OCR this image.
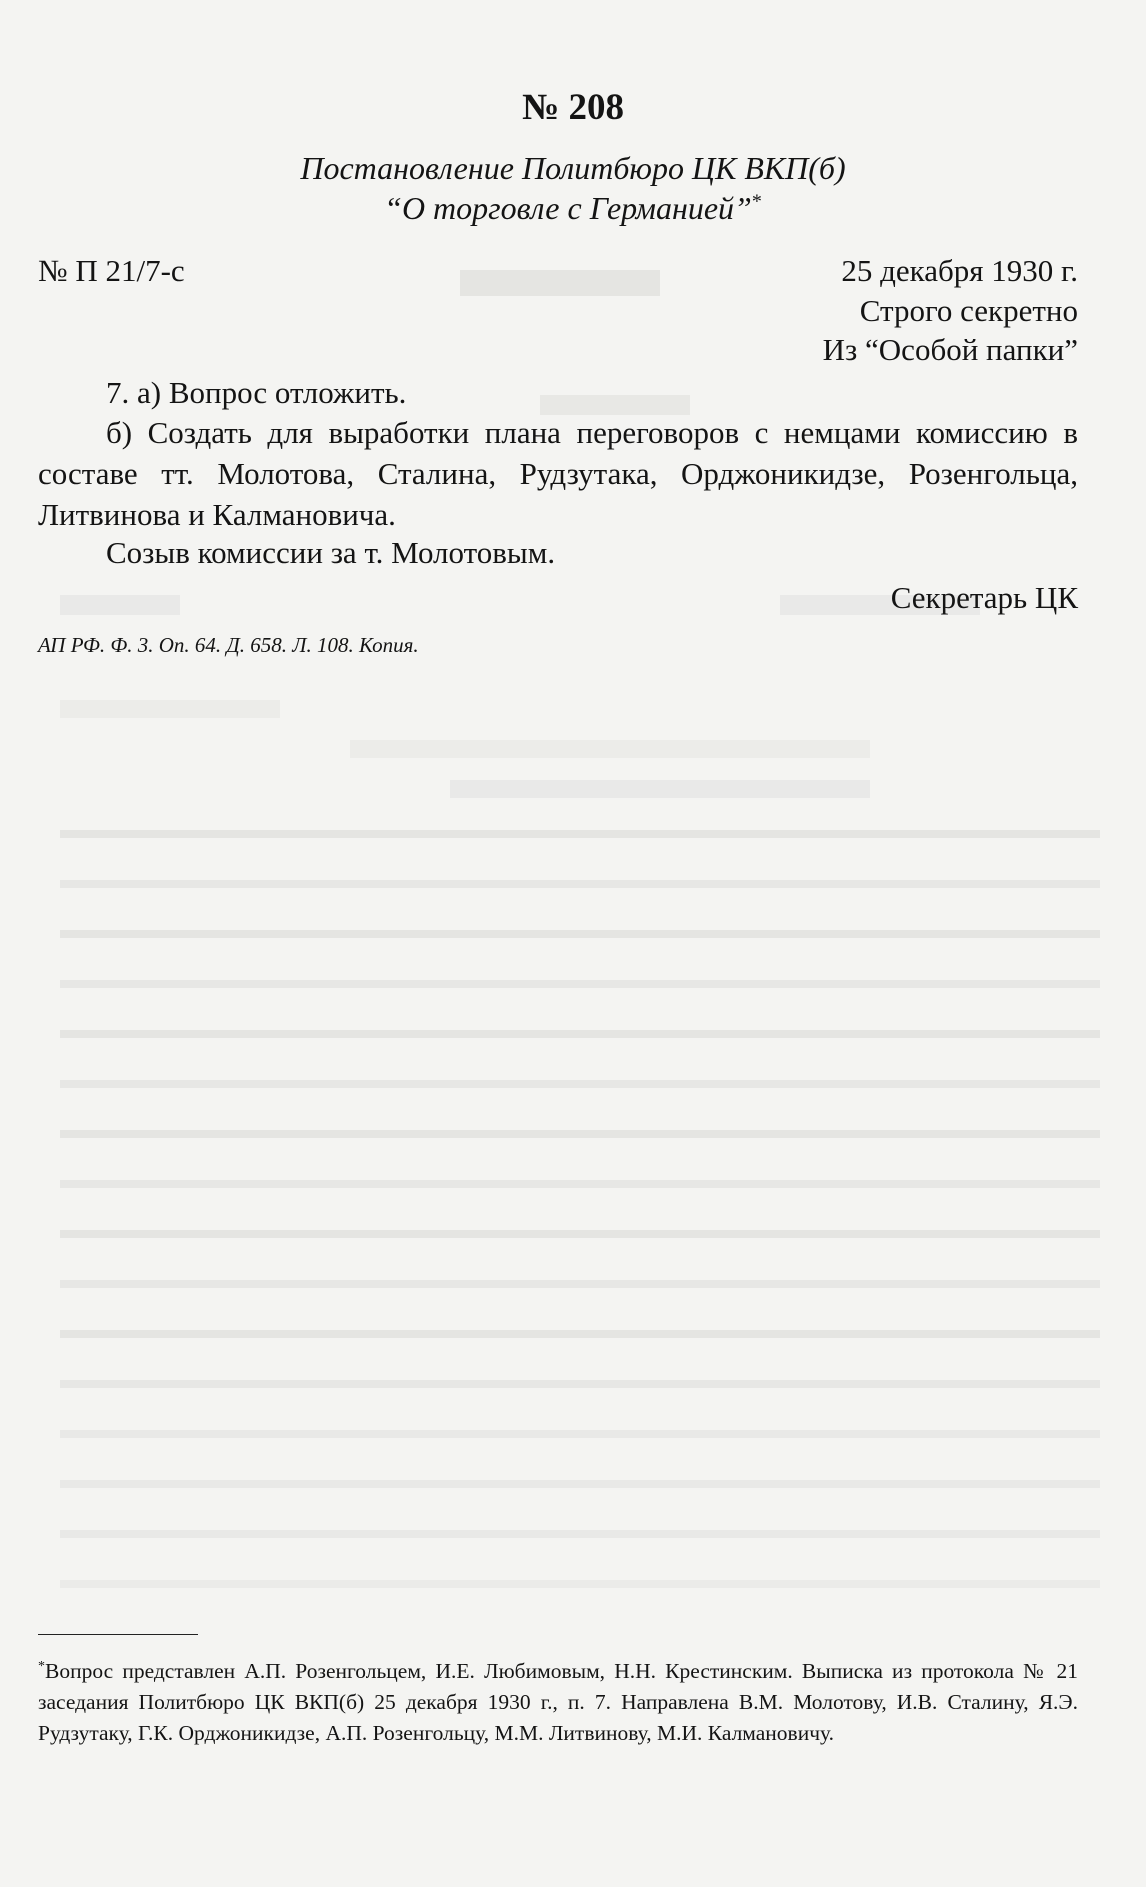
№ 208
Постановление Политбюро ЦК ВКП(б)
“О торговле с Германией”*
№ П 21/7-с	25 декабря 1930 г.
Строго секретно
Из “Особой папки”
7. а) Вопрос отложить.
б) Создать для выработки плана переговоров с немцами комиссию в составе тт. Молотова, Сталина, Рудзутака, Орджоникидзе, Розенгольца, Литвинова и Калмановича.
Созыв комиссии за т. Молотовым.
Секретарь ЦК
АП РФ. Ф. 3. Оп. 64. Д. 658. Л. 108. Копия.
*Вопрос представлен А.П. Розенгольцем, И.Е. Любимовым, Н.Н. Крестинским. Выписка из протокола № 21 заседания Политбюро ЦК ВКП(б) 25 декабря 1930 г., п. 7. Направлена В.М. Молотову, И.В. Сталину, Я.Э. Рудзутаку, Г.К. Орджоникидзе, А.П. Розенгольцу, М.М. Литвинову, М.И. Калмановичу.
